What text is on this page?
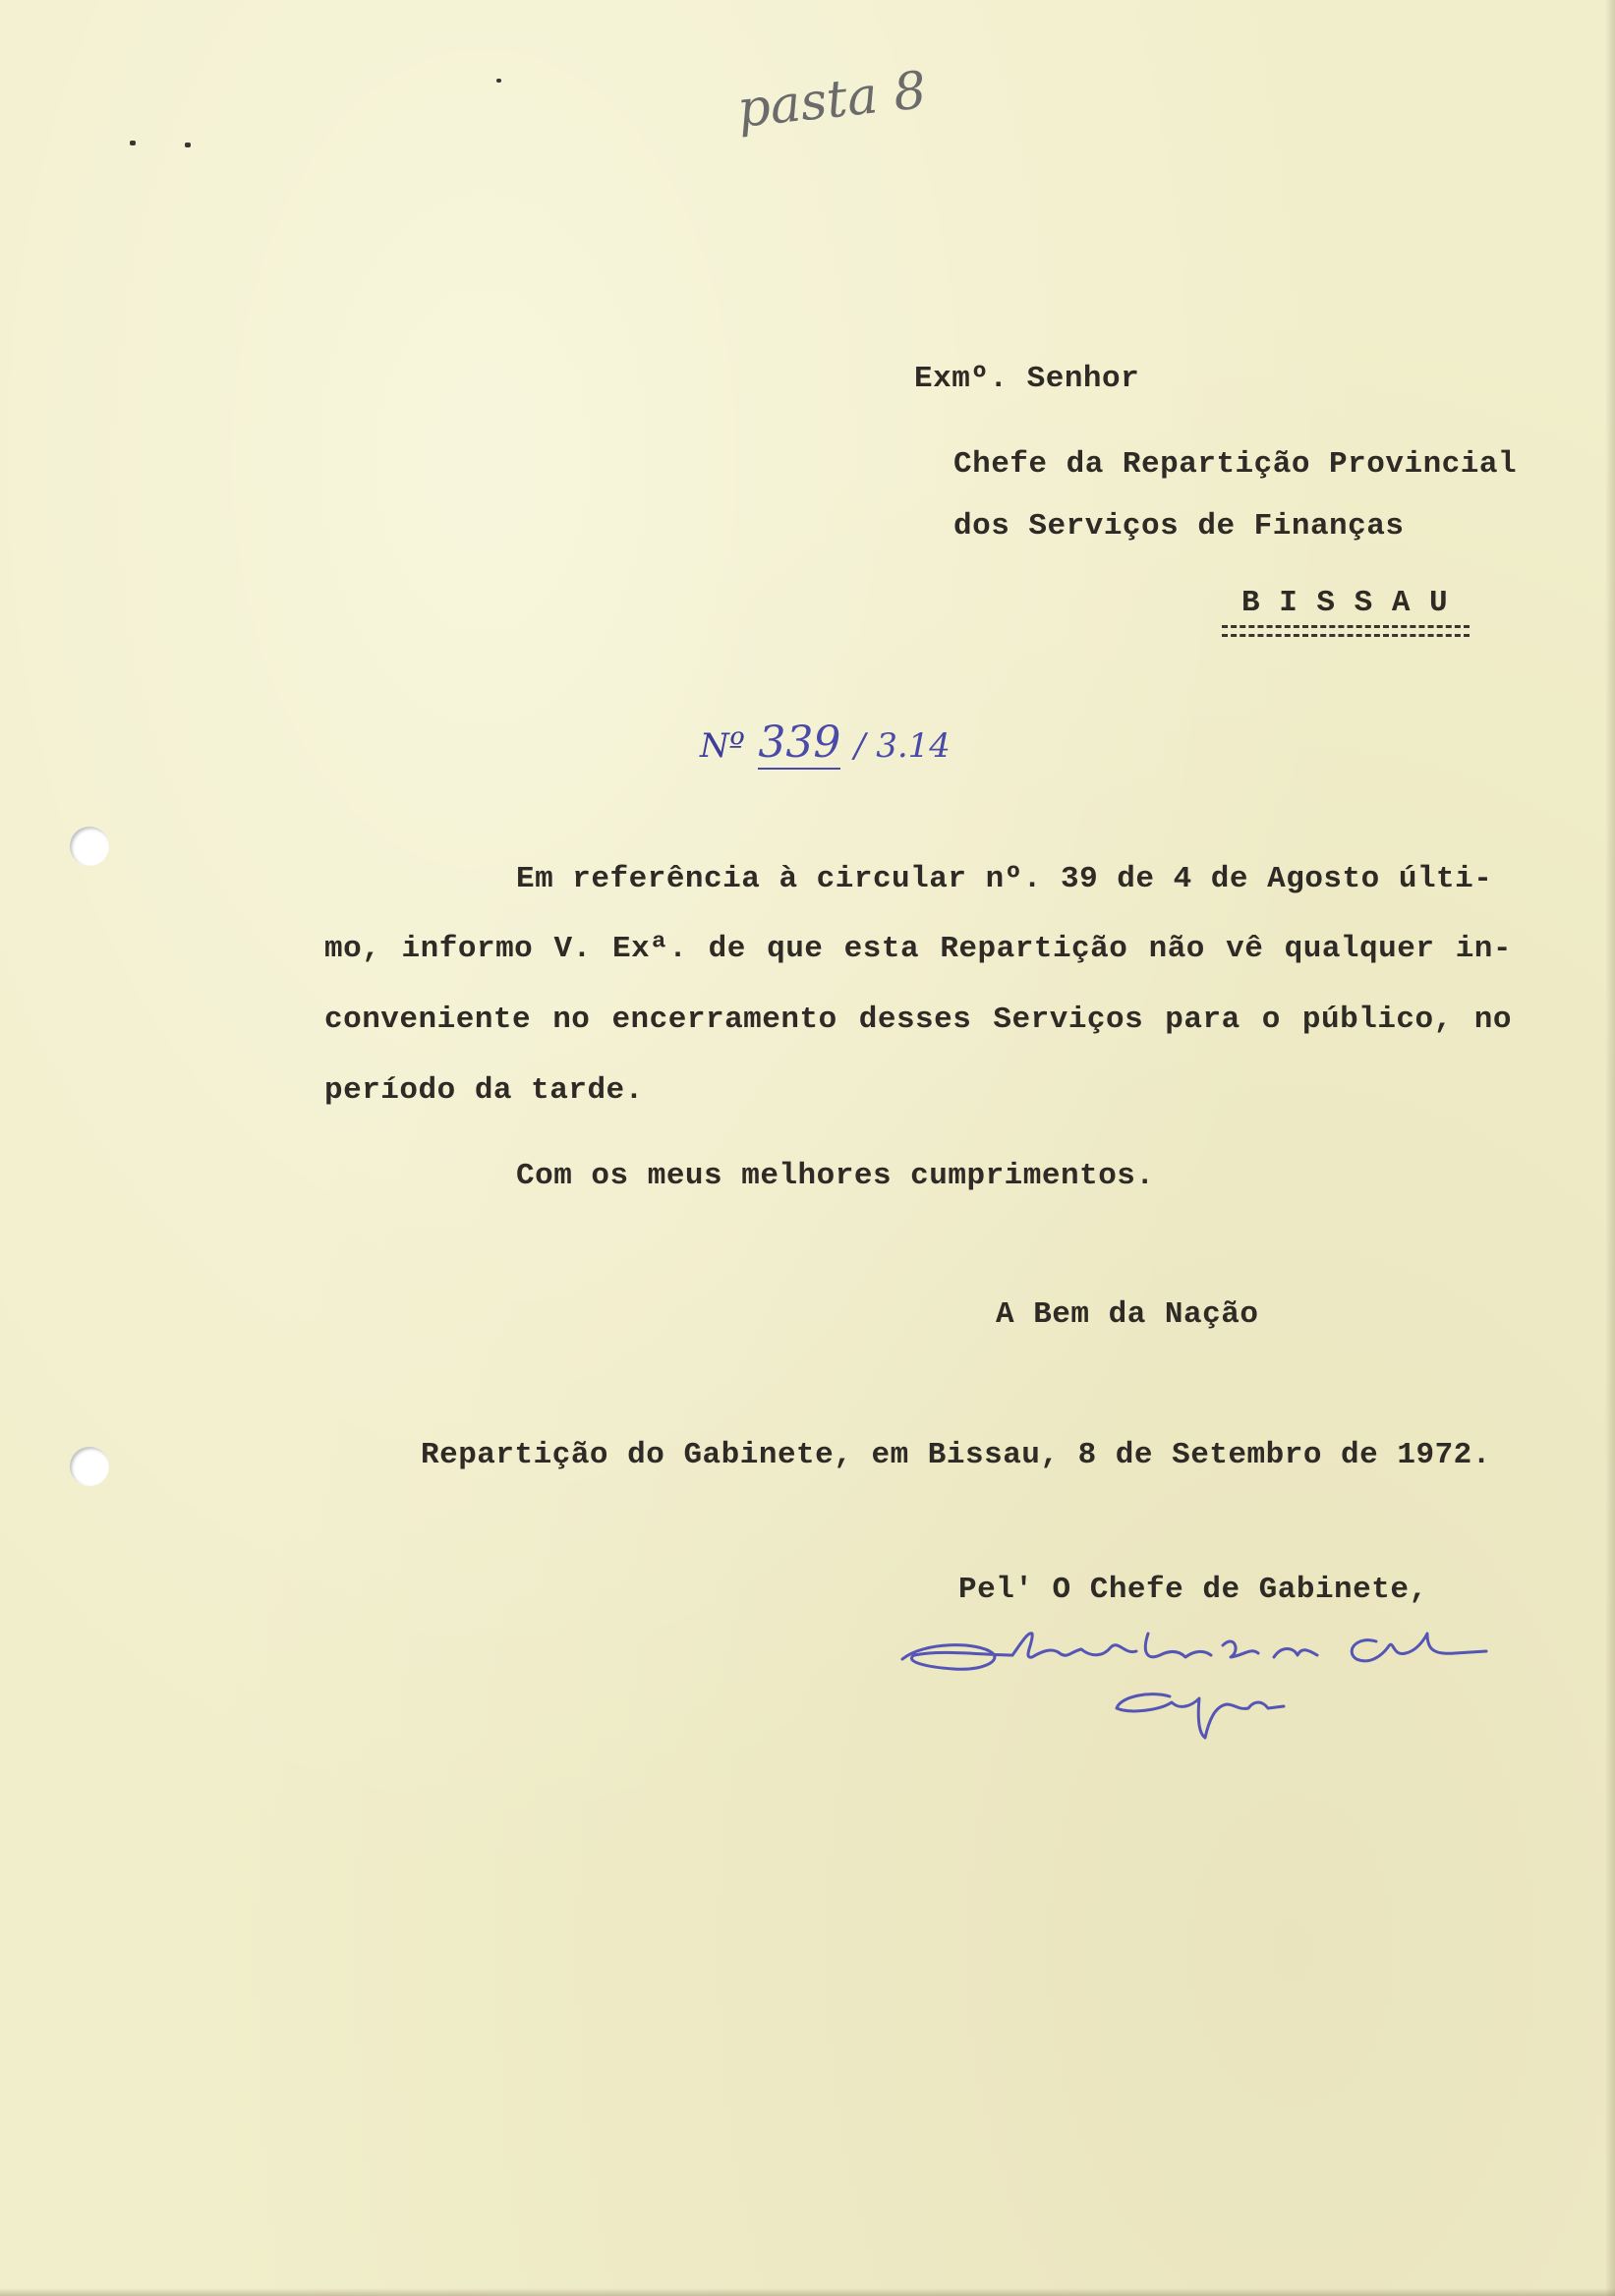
pasta 8
Exmº. Senhor
Chefe da Repartição Provincial
dos Serviços de Finanças
B I S S A U
Nº 339 / 3.14
Em referência à circular nº. 39 de 4 de Agosto últi-
mo, informo V. Exª. de que esta Repartição não vê qualquer in-
conveniente no encerramento desses Serviços para o público, no
período da tarde.
Com os meus melhores cumprimentos.
A Bem da Nação
Repartição do Gabinete, em Bissau, 8 de Setembro de 1972.
Pel' O Chefe de Gabinete,
